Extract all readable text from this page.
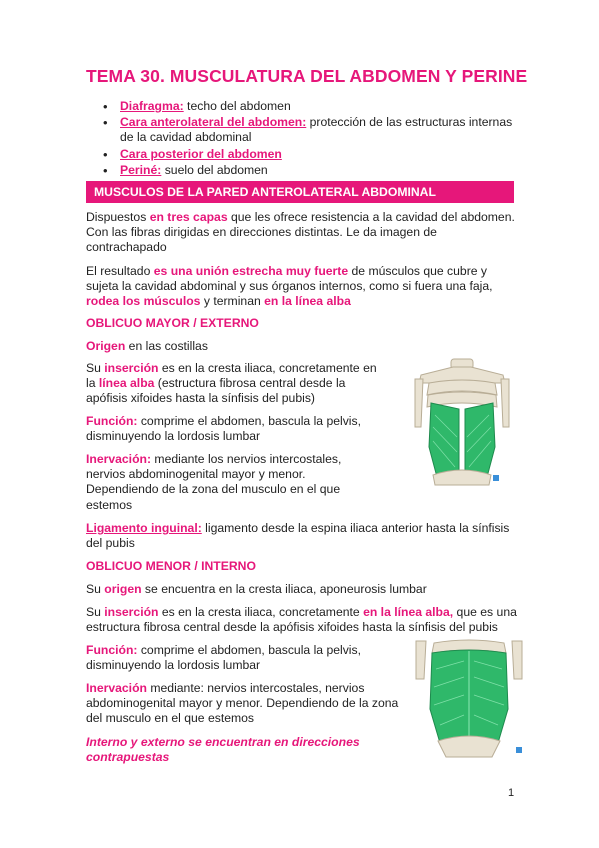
TEMA 30. MUSCULATURA DEL ABDOMEN Y PERINE
• Diafragma: techo del abdomen
• Cara anterolateral del abdomen: protección de las estructuras internas de la cavidad abdominal
• Cara posterior del abdomen
• Periné: suelo del abdomen
MUSCULOS DE LA PARED ANTEROLATERAL ABDOMINAL

Dispuestos en tres capas que les ofrece resistencia a la cavidad del abdomen. Con las fibras dirigidas en direcciones distintas. Le da imagen de contrachapado

El resultado es una unión estrecha muy fuerte de músculos que cubre y sujeta la cavidad abdominal y sus órganos internos, como si fuera una faja, rodea los músculos y terminan en la línea alba

OBLICUO MAYOR / EXTERNO

Origen en las costillas

Su inserción es en la cresta iliaca, concretamente en la línea alba (estructura fibrosa central desde la apófisis xifoides hasta la sínfisis del pubis)

Función: comprime el abdomen, bascula la pelvis, disminuyendo la lordosis lumbar

Inervación: mediante los nervios intercostales, nervios abdominogenital mayor y menor. Dependiendo de la zona del musculo en el que estemos

Ligamento inguinal: ligamento desde la espina iliaca anterior hasta la sínfisis del pubis

OBLICUO MENOR / INTERNO

Su origen se encuentra en la cresta iliaca, aponeurosis lumbar

Su inserción es en la cresta iliaca, concretamente en la línea alba, que es una estructura fibrosa central desde la apófisis xifoides hasta la sínfisis del pubis

Función: comprime el abdomen, bascula la pelvis, disminuyendo la lordosis lumbar

Inervación mediante: nervios intercostales, nervios abdominogenital mayor y menor. Dependiendo de la zona del musculo en el que estemos

Interno y externo se encuentran en direcciones contrapuestas

1
